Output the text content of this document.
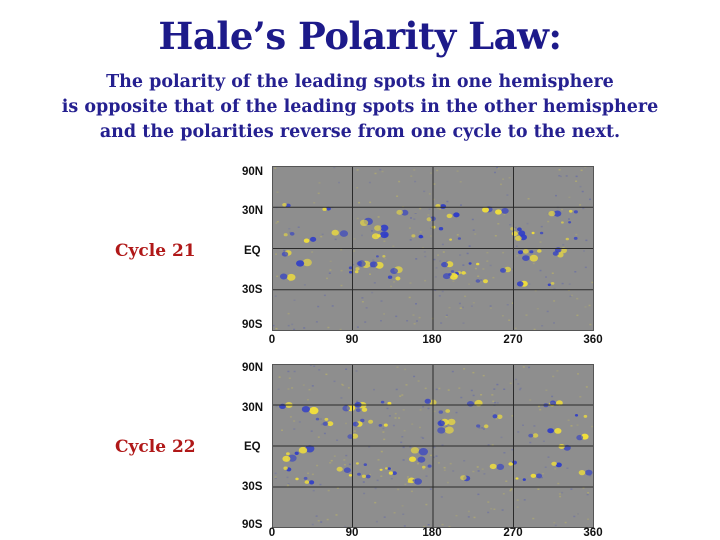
Hale’s Polarity Law:
The polarity of the leading spots in one hemisphere
is opposite that of the leading spots in the other hemisphere
and the polarities reverse from one cycle to the next.
Cycle 21
90N
30N
EQ
30S
90S
0	90	180	270	360
Cycle 22
90N
30N
EQ
30S
90S
0	90	180	270	360
